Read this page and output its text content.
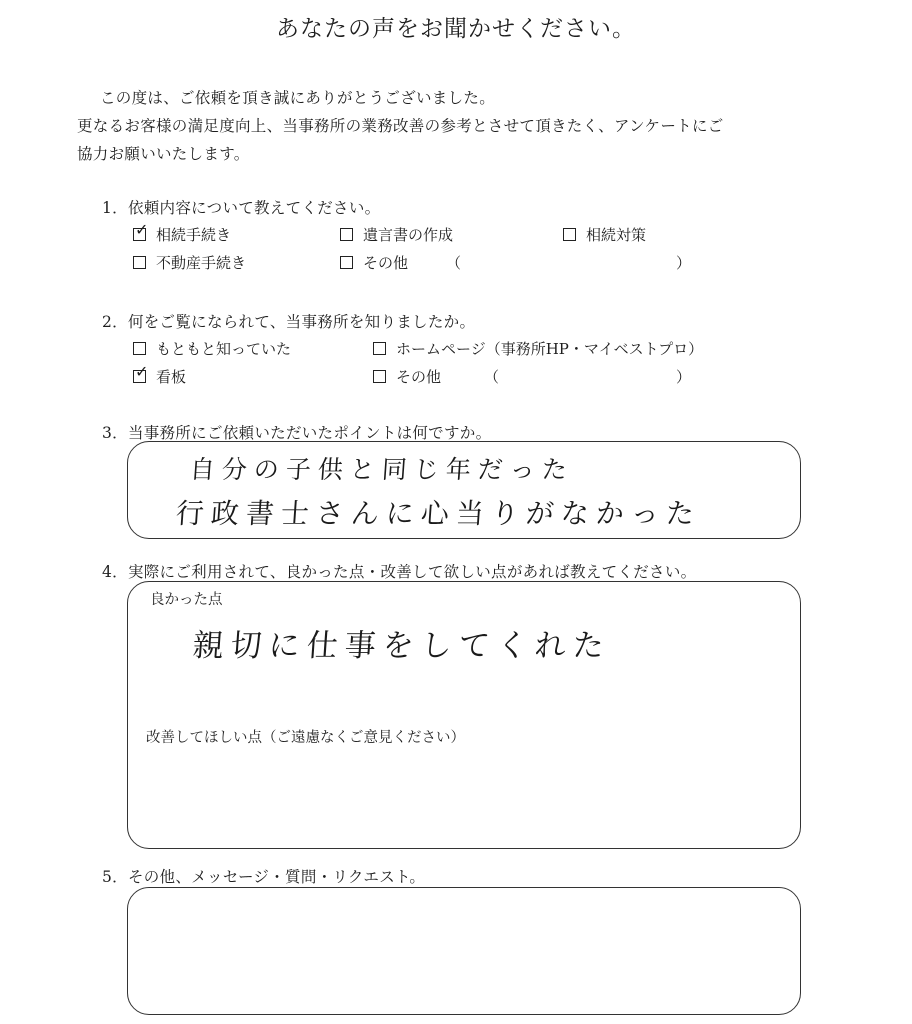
あなたの声をお聞かせください。
この度は、ご依頼を頂き誠にありがとうございました。
更なるお客様の満足度向上、当事務所の業務改善の参考とさせて頂きたく、アンケートにご
協力お願いいたします。
1．依頼内容について教えてください。
✓ 相続手続き	遺言書の作成	相続対策
不動産手続き	その他	（	）
2．何をご覧になられて、当事務所を知りましたか。
もともと知っていた	ホームページ（事務所HP・マイベストプロ）
✓ 看板	その他	（	）
3．当事務所にご依頼いただいたポイントは何ですか。
自分の子供と同じ年だった
行政書士さんに心当りがなかった
4．実際にご利用されて、良かった点・改善して欲しい点があれば教えてください。
良かった点
親切に仕事をしてくれた
改善してほしい点（ご遠慮なくご意見ください）
5．その他、メッセージ・質問・リクエスト。
